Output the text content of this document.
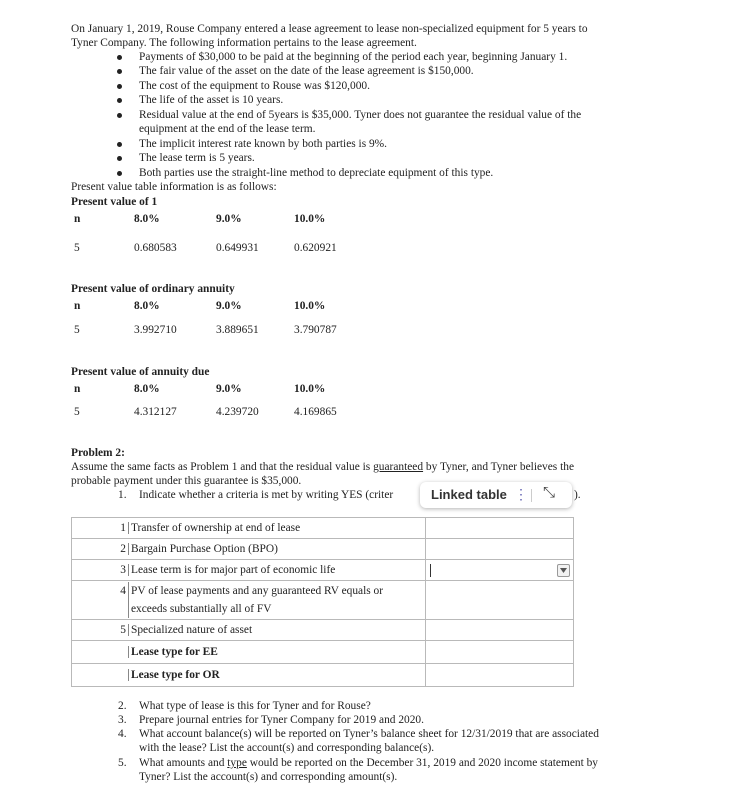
On January 1, 2019, Rouse Company entered a lease agreement to lease non-specialized equipment for 5 years to
Tyner Company. The following information pertains to the lease agreement.
Payments of $30,000 to be paid at the beginning of the period each year, beginning January 1.
The fair value of the asset on the date of the lease agreement is $150,000.
The cost of the equipment to Rouse was $120,000.
The life of the asset is 10 years.
Residual value at the end of 5years is $35,000. Tyner does not guarantee the residual value of the
equipment at the end of the lease term.
The implicit interest rate known by both parties is 9%.
The lease term is 5 years.
Both parties use the straight-line method to depreciate equipment of this type.
Present value table information is as follows:
Present value of 1
n	8.0%	9.0%	10.0%
5	0.680583	0.649931	0.620921
Present value of ordinary annuity
n	8.0%	9.0%	10.0%
5	3.992710	3.889651	3.790787
Present value of annuity due
n	8.0%	9.0%	10.0%
5	4.312127	4.239720	4.169865
Problem 2:
Assume the same facts as Problem 1 and that the residual value is guaranteed by Tyner, and Tyner believes the
probable payment under this guarantee is $35,000.
1. Indicate whether a criteria is met by writing YES (criter	).
Linked table ⋮ ⤡
1 Transfer of ownership at end of lease	
2 Bargain Purchase Option (BPO)	
3 Lease term is for major part of economic life	

4 PV of lease payments and any guaranteed RV equals or
exceeds substantially all of FV	

5 Specialized nature of asset	
Lease type for EE	
Lease type for OR	
2. What type of lease is this for Tyner and for Rouse?
3. Prepare journal entries for Tyner Company for 2019 and 2020.
4. What account balance(s) will be reported on Tyner’s balance sheet for 12/31/2019 that are associated
with the lease? List the account(s) and corresponding balance(s).
5. What amounts and type would be reported on the December 31, 2019 and 2020 income statement by
Tyner? List the account(s) and corresponding amount(s).
